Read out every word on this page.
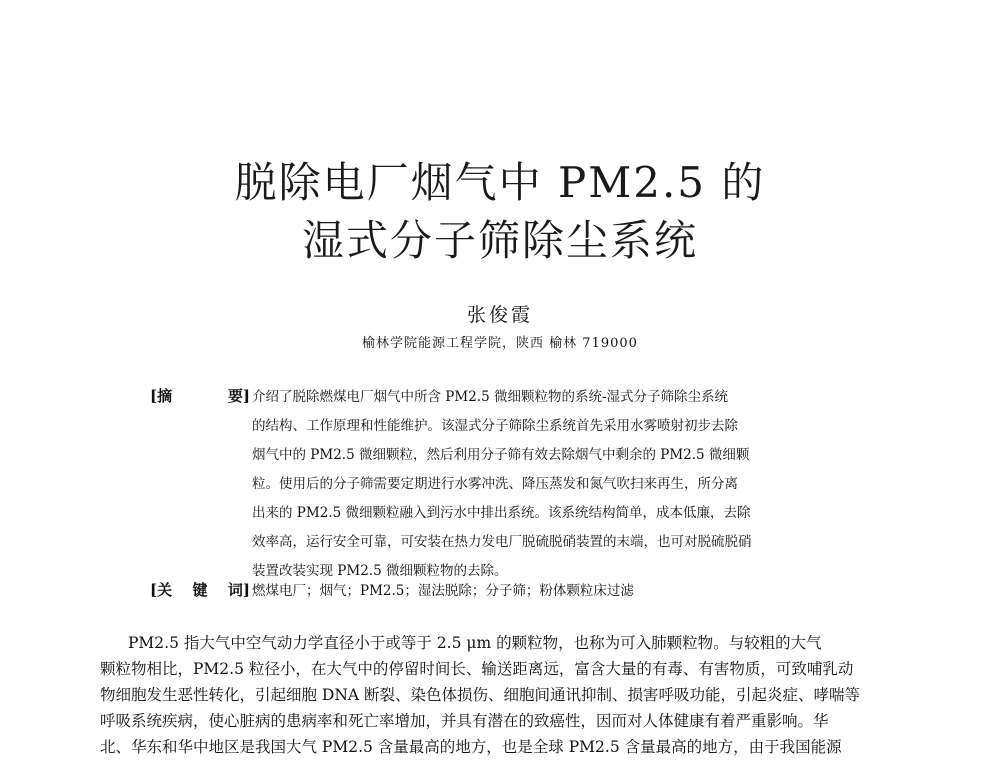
脱除电厂烟气中 PM2.5 的
湿式分子筛除尘系统
张俊霞
榆林学院能源工程学院，陕西 榆林 719000
[摘	要] 介绍了脱除燃煤电厂烟气中所含 PM2.5 微细颗粒物的系统-湿式分子筛除尘系统
的结构、工作原理和性能维护。该湿式分子筛除尘系统首先采用水雾喷射初步去除
烟气中的 PM2.5 微细颗粒，然后利用分子筛有效去除烟气中剩余的 PM2.5 微细颗
粒。使用后的分子筛需要定期进行水雾冲洗、降压蒸发和氮气吹扫来再生，所分离
出来的 PM2.5 微细颗粒融入到污水中排出系统。该系统结构简单，成本低廉，去除
效率高，运行安全可靠，可安装在热力发电厂脱硫脱硝装置的末端，也可对脱硫脱硝
装置改装实现 PM2.5 微细颗粒物的去除。
[关 键 词] 燃煤电厂；烟气；PM2.5；湿法脱除；分子筛；粉体颗粒床过滤
PM2.5 指大气中空气动力学直径小于或等于 2.5 μm 的颗粒物，也称为可入肺颗粒物。与较粗的大气
颗粒物相比，PM2.5 粒径小，在大气中的停留时间长、输送距离远，富含大量的有毒、有害物质，可致哺乳动
物细胞发生恶性转化，引起细胞 DNA 断裂、染色体损伤、细胞间通讯抑制、损害呼吸功能，引起炎症、哮喘等
呼吸系统疾病，使心脏病的患病率和死亡率增加，并具有潜在的致癌性，因而对人体健康有着严重影响。华
北、华东和华中地区是我国大气 PM2.5 含量最高的地方，也是全球 PM2.5 含量最高的地方，由于我国能源
